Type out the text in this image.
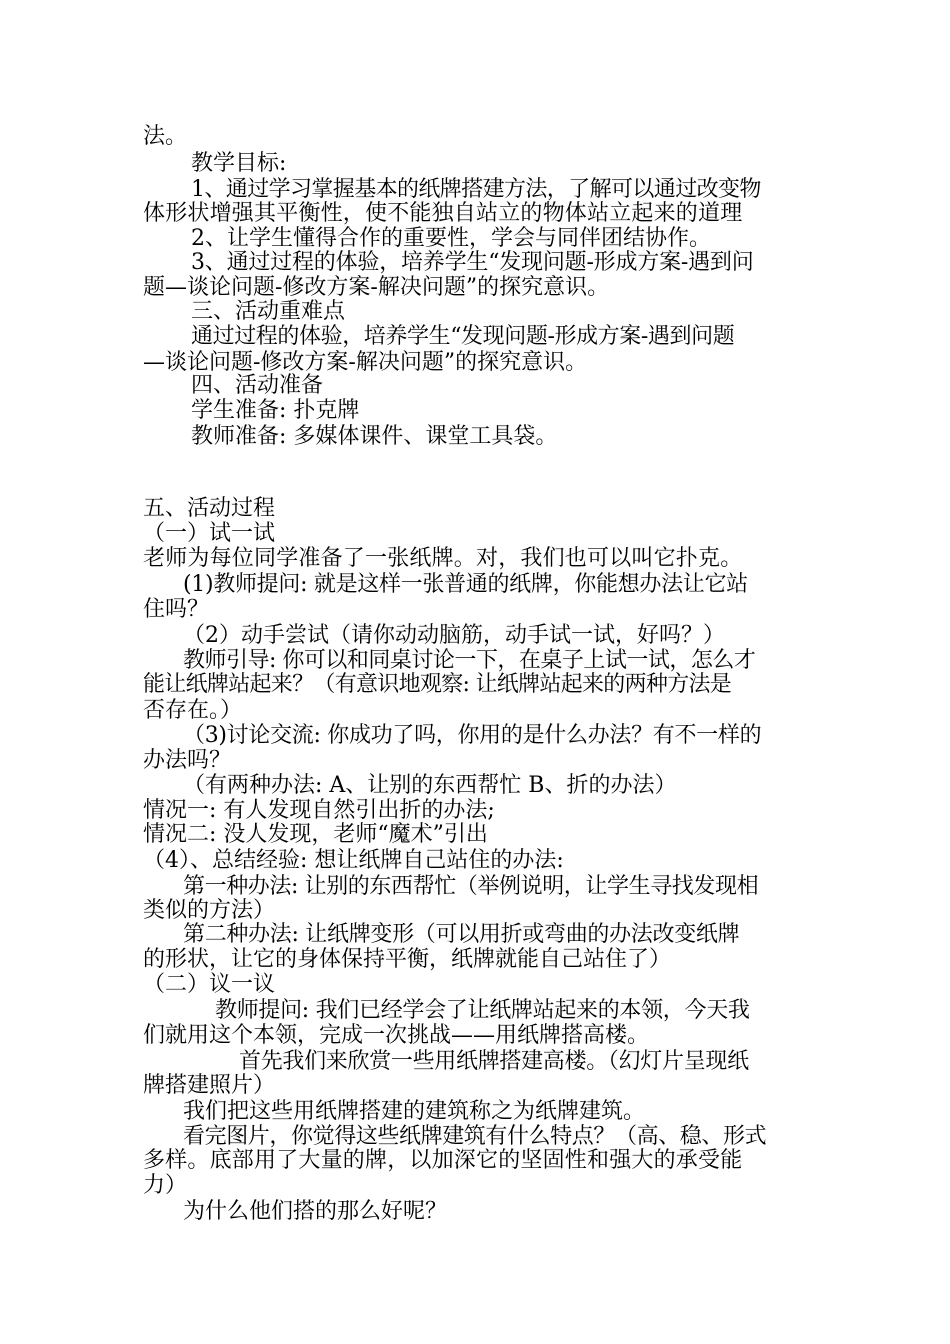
法。

教学目标:

1、通过学习掌握基本的纸牌搭建方法，了解可以通过改变物

体形状增强其平衡性，使不能独自站立的物体站立起来的道理

2、让学生懂得合作的重要性，学会与同伴团结协作。

3、通过过程的体验，培养学生“发现问题-形成方案-遇到问

题—谈论问题-修改方案-解决问题”的探究意识。

三、活动重难点

通过过程的体验，培养学生“发现问题-形成方案-遇到问题

—谈论问题-修改方案-解决问题”的探究意识。

四、活动准备

学生准备: 扑克牌

教师准备: 多媒体课件、课堂工具袋。

五、活动过程

（一）试一试

老师为每位同学准备了一张纸牌。对，我们也可以叫它扑克。

(1)教师提问: 就是这样一张普通的纸牌，你能想办法让它站

住吗？

（2）动手尝试（请你动动脑筋，动手试一试，好吗？）

教师引导: 你可以和同桌讨论一下，在桌子上试一试，怎么才

能让纸牌站起来？（有意识地观察: 让纸牌站起来的两种方法是

否存在。）

（3)讨论交流: 你成功了吗，你用的是什么办法？有不一样的

办法吗？

（有两种办法: A、让别的东西帮忙 B、折的办法）

情况一: 有人发现自然引出折的办法;

情况二: 没人发现，老师“魔术”引出

（4）、总结经验: 想让纸牌自己站住的办法:

第一种办法: 让别的东西帮忙（举例说明，让学生寻找发现相

类似的方法）

第二种办法: 让纸牌变形（可以用折或弯曲的办法改变纸牌

的形状，让它的身体保持平衡，纸牌就能自己站住了）

（二）议一议

教师提问: 我们已经学会了让纸牌站起来的本领，今天我

们就用这个本领，完成一次挑战——用纸牌搭高楼。

首先我们来欣赏一些用纸牌搭建高楼。（幻灯片呈现纸

牌搭建照片）

我们把这些用纸牌搭建的建筑称之为纸牌建筑。

看完图片，你觉得这些纸牌建筑有什么特点？（高、稳、形式

多样。底部用了大量的牌，以加深它的坚固性和强大的承受能

力）

为什么他们搭的那么好呢？
